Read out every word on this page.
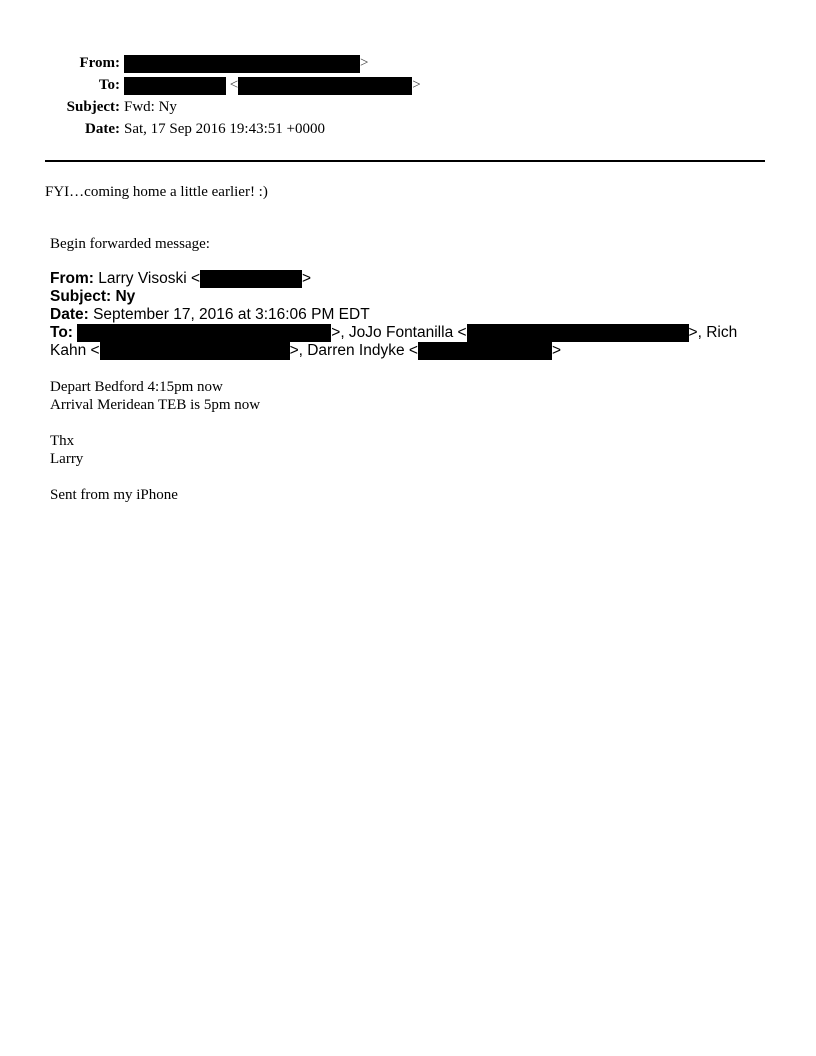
From:	>
To:	<	>
Subject: Fwd: Ny
Date: Sat, 17 Sep 2016 19:43:51 +0000
FYI…coming home a little earlier! :)
Begin forwarded message:
From: Larry Visoski <	>
Subject: Ny
Date: September 17, 2016 at 3:16:06 PM EDT
To:	>, JoJo Fontanilla <	>, Rich
Kahn <	>, Darren Indyke <	>
Depart Bedford 4:15pm now
Arrival Meridean TEB is 5pm now
Thx
Larry
Sent from my iPhone
